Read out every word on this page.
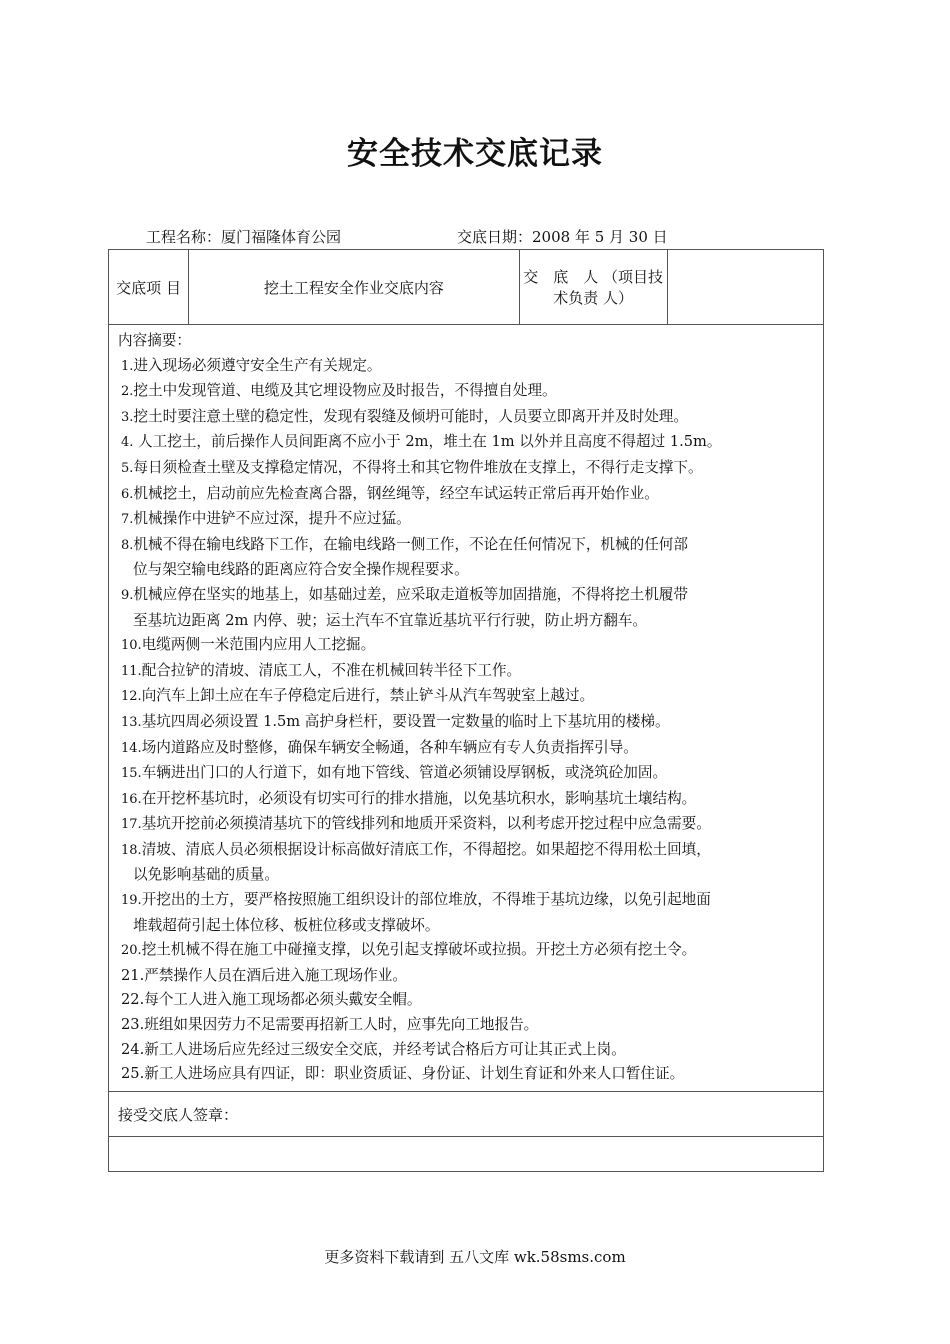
安全技术交底记录
工程名称：厦门福隆体育公园	交底日期：2008 年 5 月 30 日
交底项 目	挖土工程安全作业交底内容	交　底　人 （项目技术负责 人）	

内容摘要：
1.进入现场必须遵守安全生产有关规定。
2.挖土中发现管道、电缆及其它埋设物应及时报告，不得擅自处理。
3.挖土时要注意土壁的稳定性，发现有裂缝及倾坍可能时，人员要立即离开并及时处理。
4. 人工挖土，前后操作人员间距离不应小于 2m，堆土在 1m 以外并且高度不得超过 1.5m。
5.每日须检查土壁及支撑稳定情况，不得将土和其它物件堆放在支撑上，不得行走支撑下。
6.机械挖土，启动前应先检查离合器，钢丝绳等，经空车试运转正常后再开始作业。
7.机械操作中进铲不应过深，提升不应过猛。
8.机械不得在输电线路下工作，在输电线路一侧工作，不论在任何情况下，机械的任何部
位与架空输电线路的距离应符合安全操作规程要求。
9.机械应停在坚实的地基上，如基础过差，应采取走道板等加固措施，不得将挖土机履带
至基坑边距离 2m 内停、驶；运土汽车不宜靠近基坑平行行驶，防止坍方翻车。
10.电缆两侧一米范围内应用人工挖掘。
11.配合拉铲的清坡、清底工人，不准在机械回转半径下工作。
12.向汽车上卸土应在车子停稳定后进行，禁止铲斗从汽车驾驶室上越过。
13.基坑四周必须设置 1.5m 高护身栏杆，要设置一定数量的临时上下基坑用的楼梯。
14.场内道路应及时整修，确保车辆安全畅通，各种车辆应有专人负责指挥引导。
15.车辆进出门口的人行道下，如有地下管线、管道必须铺设厚钢板，或浇筑砼加固。
16.在开挖杯基坑时，必须设有切实可行的排水措施，以免基坑积水，影响基坑土壤结构。
17.基坑开挖前必须摸清基坑下的管线排列和地质开采资料，以利考虑开挖过程中应急需要。
18.清坡、清底人员必须根据设计标高做好清底工作，不得超挖。如果超挖不得用松土回填，
以免影响基础的质量。
19.开挖出的土方，要严格按照施工组织设计的部位堆放，不得堆于基坑边缘，以免引起地面
堆载超荷引起土体位移、板桩位移或支撑破坏。
20.挖土机械不得在施工中碰撞支撑，以免引起支撑破坏或拉损。开挖土方必须有挖土令。
21.严禁操作人员在酒后进入施工现场作业。
22.每个工人进入施工现场都必须头戴安全帽。
23.班组如果因劳力不足需要再招新工人时，应事先向工地报告。
24.新工人进场后应先经过三级安全交底，并经考试合格后方可让其正式上岗。
25.新工人进场应具有四证，即：职业资质证、身份证、计划生育证和外来人口暂住证。

接受交底人签章：

更多资料下载请到 五八文库 wk.58sms.com
